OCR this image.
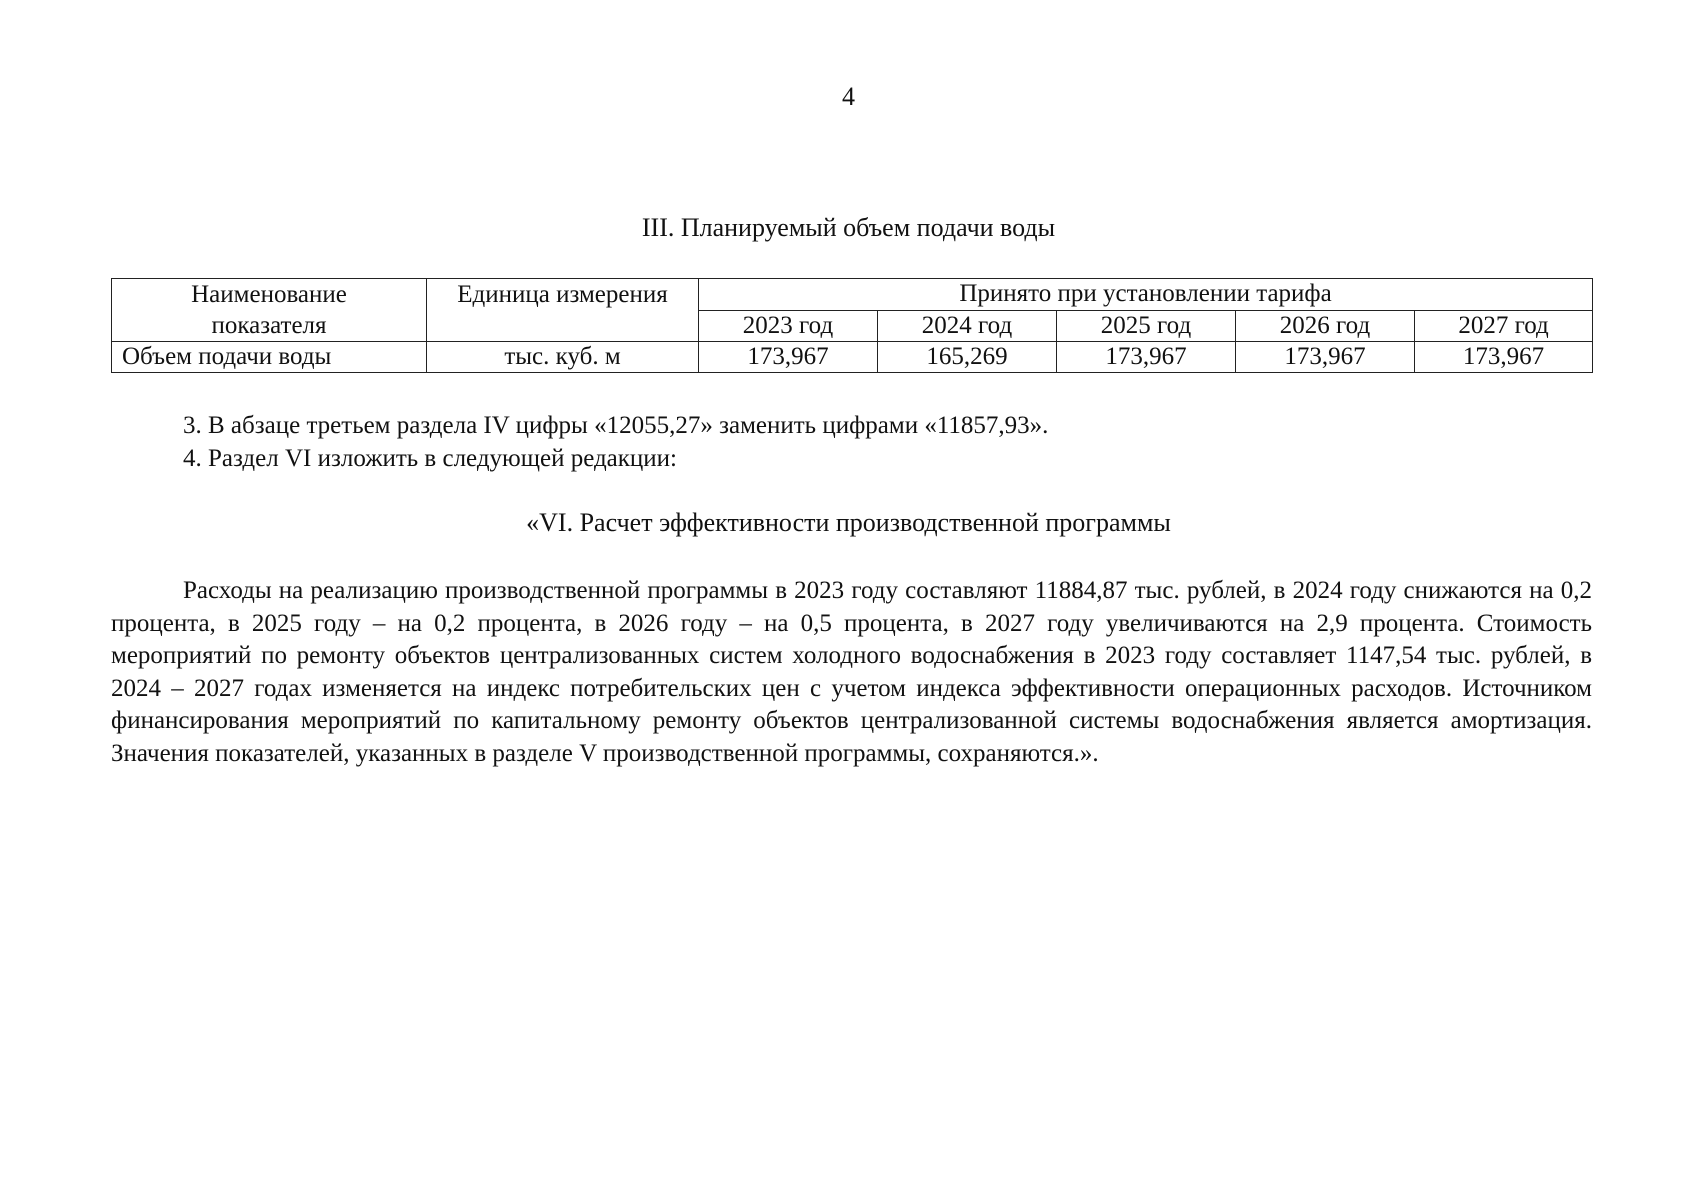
4
III. Планируемый объем подачи воды
Наименование
показателя	Единица измерения	Принято при установлении тарифа				
		2023 год	2024 год	2025 год	2026 год	2027 год
Объем подачи воды	тыс. куб. м	173,967	165,269	173,967	173,967	173,967
3. В абзаце третьем раздела IV цифры «12055,27» заменить цифрами «11857,93».
4. Раздел VI изложить в следующей редакции:
«VI. Расчет эффективности производственной программы
Расходы на реализацию производственной программы в 2023 году составляют 11884,87 тыс. рублей, в 2024 году снижаются на 0,2 процента, в 2025 году – на 0,2 процента, в 2026 году – на 0,5 процента, в 2027 году увеличиваются на 2,9 процента. Стоимость мероприятий по ремонту объектов централизованных систем холодного водоснабжения в 2023 году составляет 1147,54 тыс. рублей, в 2024 – 2027 годах изменяется на индекс потребительских цен с учетом индекса эффективности операционных расходов. Источником финансирования мероприятий по капитальному ремонту объектов централизованной системы водоснабжения является амортизация. Значения показателей, указанных в разделе V производственной программы, сохраняются.».
